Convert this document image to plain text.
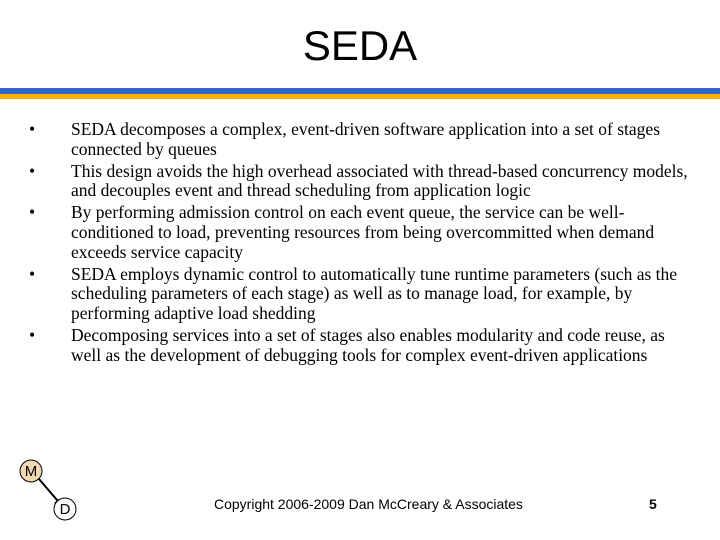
SEDA
• SEDA decomposes a complex, event-driven software application into a set of stages connected by queues
• This design avoids the high overhead associated with thread-based concurrency models, and decouples event and thread scheduling from application logic
• By performing admission control on each event queue, the service can be well-conditioned to load, preventing resources from being overcommitted when demand exceeds service capacity
• SEDA employs dynamic control to automatically tune runtime parameters (such as the scheduling parameters of each stage) as well as to manage load, for example, by performing adaptive load shedding
• Decomposing services into a set of stages also enables modularity and code reuse, as well as the development of debugging tools for complex event-driven applications
M
D	Copyright 2006-2009 Dan McCreary & Associates	5
